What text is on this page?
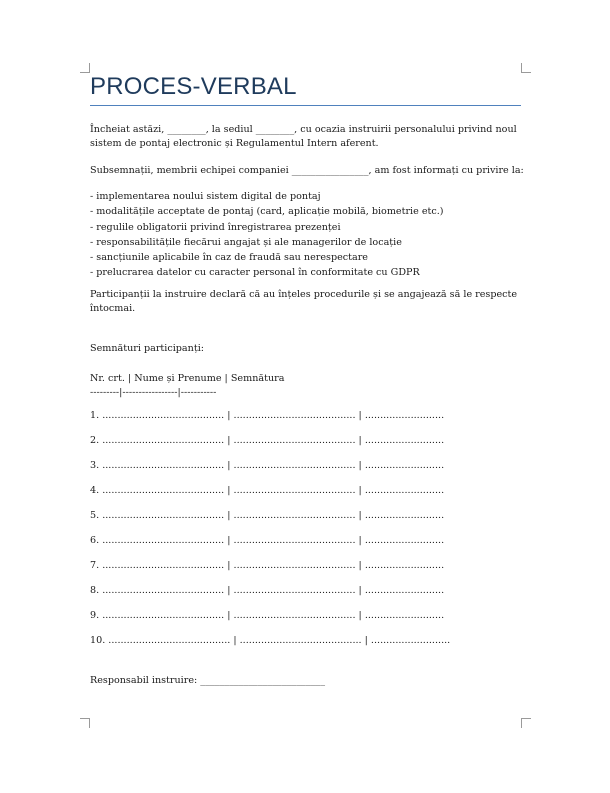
PROCES-VERBAL

Încheiat astăzi, ________, la sediul ________, cu ocazia instruirii personalului privind noul sistem de pontaj electronic și Regulamentul Intern aferent.

Subsemnații, membrii echipei companiei ________________, am fost informați cu privire la:

- implementarea noului sistem digital de pontaj
- modalitățile acceptate de pontaj (card, aplicație mobilă, biometrie etc.)
- regulile obligatorii privind înregistrarea prezenței
- responsabilitățile fiecărui angajat și ale managerilor de locație
- sancțiunile aplicabile în caz de fraudă sau nerespectare
- prelucrarea datelor cu caracter personal în conformitate cu GDPR

Participanții la instruire declară că au înțeles procedurile și se angajează să le respecte întocmai.

Semnături participanți:

Nr. crt. | Nume și Prenume | Semnătura

---------|-----------------|-----------

1. ........................................ | ........................................ | ..........................
2. ........................................ | ........................................ | ..........................
3. ........................................ | ........................................ | ..........................
4. ........................................ | ........................................ | ..........................
5. ........................................ | ........................................ | ..........................
6. ........................................ | ........................................ | ..........................
7. ........................................ | ........................................ | ..........................
8. ........................................ | ........................................ | ..........................
9. ........................................ | ........................................ | ..........................
10. ........................................ | ........................................ | ..........................

Responsabil instruire: __________________________
